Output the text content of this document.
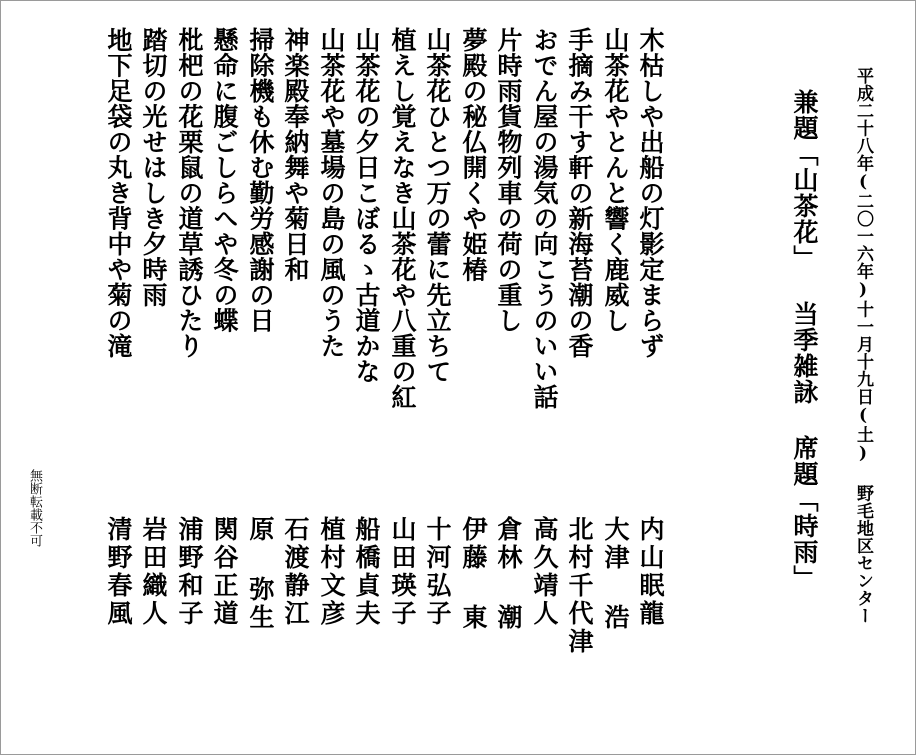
平成二十八年(二〇一六年)十一月十九日(土) 野毛地区センター
兼題「山茶花」 当季雑詠 席題「時雨」
木枯しや出船の灯影定まらず
内山眠龍
山茶花やとんと響く鹿威し
大津 浩
手摘み干す軒の新海苔潮の香
北村千代津
おでん屋の湯気の向こうのいい話
高久靖人
片時雨貨物列車の荷の重し
倉林 潮
夢殿の秘仏開くや姫椿
伊藤 東
山茶花ひとつ万の蕾に先立ちて
十河弘子
植えし覚えなき山茶花や八重の紅
山田瑛子
山茶花の夕日こぼるゝ古道かな
船橋貞夫
山茶花や墓場の島の風のうた
植村文彦
神楽殿奉納舞や菊日和
石渡静江
掃除機も休む勤労感謝の日
原 弥生
懸命に腹ごしらへや冬の蝶
関谷正道
枇杷の花栗鼠の道草誘ひたり
浦野和子
踏切の光せはしき夕時雨
岩田織人
地下足袋の丸き背中や菊の滝
清野春風
無断転載不可
